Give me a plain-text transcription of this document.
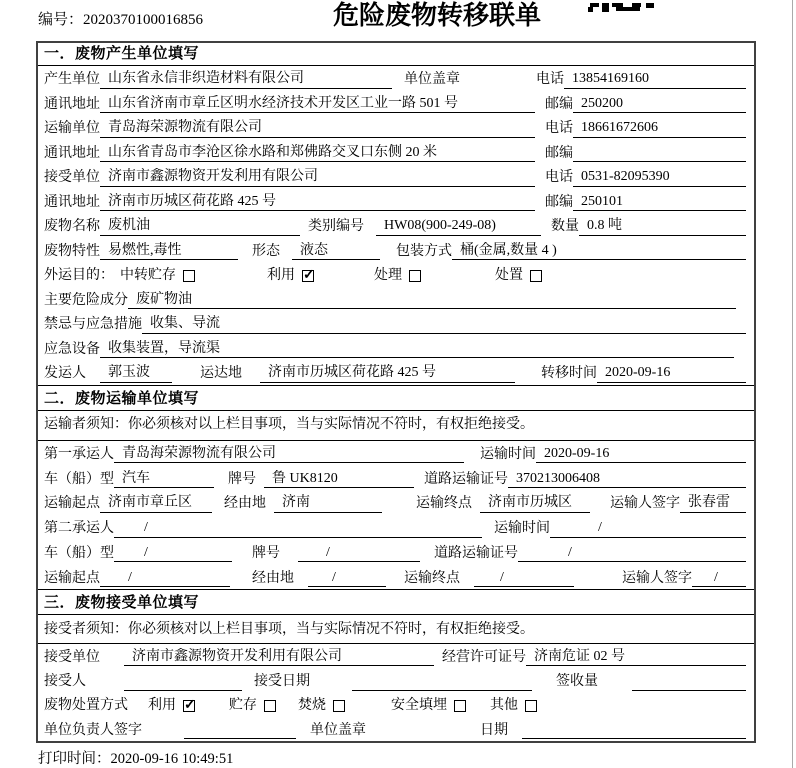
编号：2020370100016856	危险废物转移联单
一．废物产生单位填写
产生单位 山东省永信非织造材料有限公司	单位盖章	电话 13854169160
通讯地址 山东省济南市章丘区明水经济技术开发区工业一路 501 号	邮编 250200
运输单位 青岛海荣源物流有限公司	电话 18661672606
通讯地址 山东省青岛市李沧区徐水路和郑佛路交叉口东侧 20 米	邮编
接受单位 济南市鑫源物资开发利用有限公司	电话 0531-82095390
通讯地址 济南市历城区荷花路 425 号	邮编 250101
废物名称 废机油	类别编号	HW08(900-249-08)	数量 0.8 吨
废物特性 易燃性,毒性	形态	液态	包装方式 桶(金属,数量 4 )
外运目的： 中转贮存	利用 ✓	处理	处置
主要危险成分 废矿物油
禁忌与应急措施 收集、导流
应急设备 收集装置，导流渠
发运人	郭玉波	运达地	济南市历城区荷花路 425 号	转移时间 2020-09-16
二．废物运输单位填写
运输者须知：你必须核对以上栏目事项，当与实际情况不符时，有权拒绝接受。
第一承运人 青岛海荣源物流有限公司	运输时间 2020-09-16
车（船）型 汽车	牌号	鲁 UK8120	道路运输证号 370213006408
运输起点 济南市章丘区	经由地	济南	运输终点	济南市历城区	运输人签字 张春雷
第二承运人	/	运输时间	/
车（船）型	/	牌号	/	道路运输证号	/
运输起点	/	经由地	/	运输终点	/	运输人签字	/
三．废物接受单位填写
接受者须知：你必须核对以上栏目事项，当与实际情况不符时，有权拒绝接受。
接受单位	济南市鑫源物资开发利用有限公司	经营许可证号 济南危证 02 号
接受人	接受日期	签收量
废物处置方式 利用 ✓	贮存	焚烧	安全填埋	其他
单位负责人签字	单位盖章	日期
打印时间：2020-09-16 10:49:51
